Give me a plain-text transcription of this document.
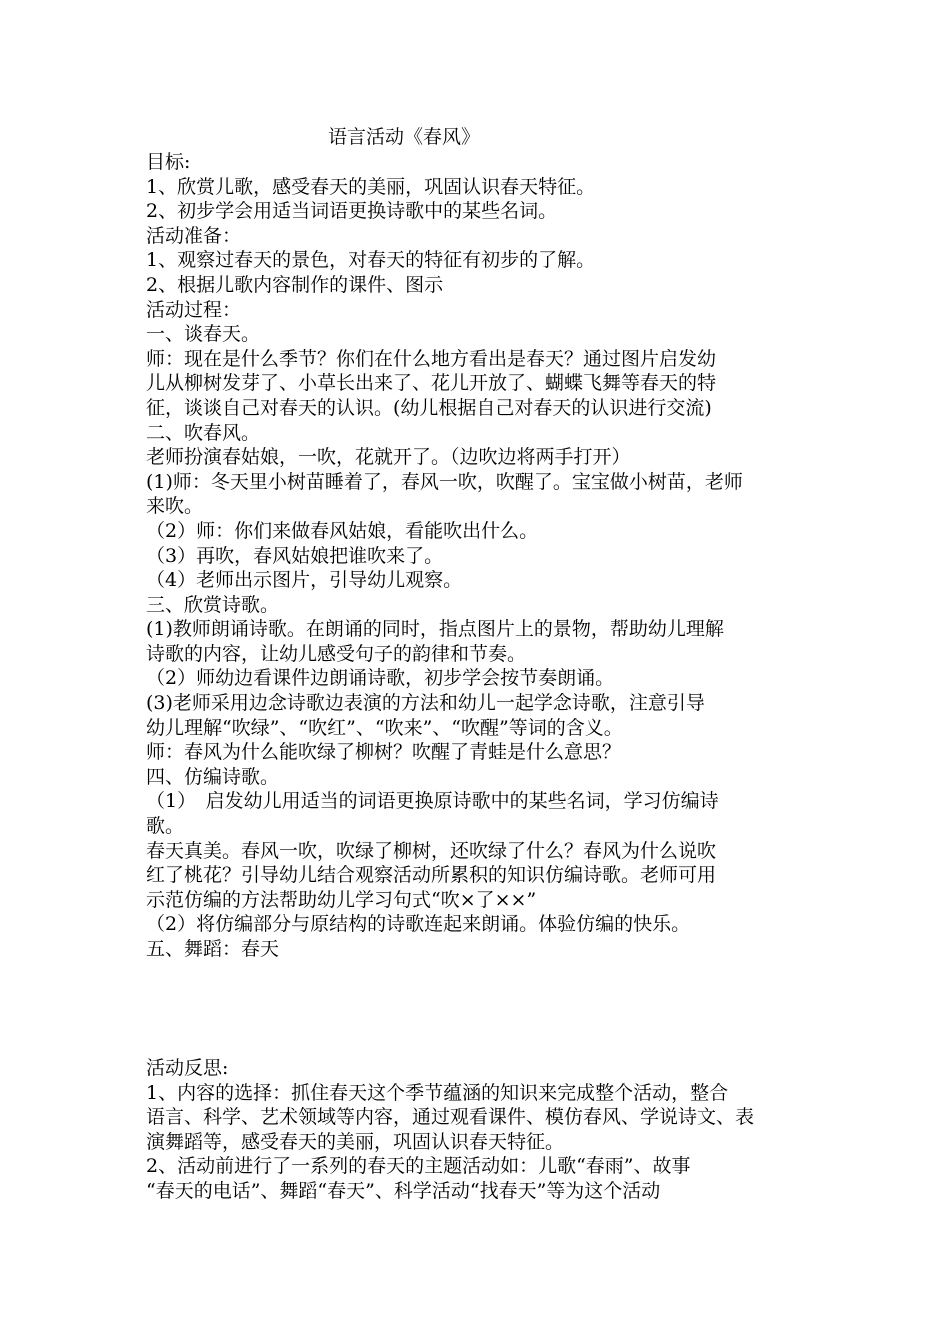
语言活动《春风》
目标:
1、欣赏儿歌，感受春天的美丽，巩固认识春天特征。
2、初步学会用适当词语更换诗歌中的某些名词。
活动准备：
1、观察过春天的景色，对春天的特征有初步的了解。
2、根据儿歌内容制作的课件、图示
活动过程：
一、谈春天。
师：现在是什么季节？你们在什么地方看出是春天？通过图片启发幼
儿从柳树发芽了、小草长出来了、花儿开放了、蝴蝶飞舞等春天的特
征，谈谈自己对春天的认识。(幼儿根据自己对春天的认识进行交流)
二、吹春风。
老师扮演春姑娘，一吹，花就开了。（边吹边将两手打开）
(1)师：冬天里小树苗睡着了，春风一吹，吹醒了。宝宝做小树苗，老师
来吹。
（2）师：你们来做春风姑娘，看能吹出什么。
（3）再吹，春风姑娘把谁吹来了。
（4）老师出示图片，引导幼儿观察。
三、欣赏诗歌。
(1)教师朗诵诗歌。在朗诵的同时，指点图片上的景物，帮助幼儿理解
诗歌的内容，让幼儿感受句子的韵律和节奏。
（2）师幼边看课件边朗诵诗歌，初步学会按节奏朗诵。
(3)老师采用边念诗歌边表演的方法和幼儿一起学念诗歌，注意引导
幼儿理解“吹绿”、“吹红”、“吹来”、“吹醒”等词的含义。
师：春风为什么能吹绿了柳树？吹醒了青蛙是什么意思？
四、仿编诗歌。
（1）　启发幼儿用适当的词语更换原诗歌中的某些名词，学习仿编诗
歌。
春天真美。春风一吹，吹绿了柳树，还吹绿了什么？春风为什么说吹
红了桃花？引导幼儿结合观察活动所累积的知识仿编诗歌。老师可用
示范仿编的方法帮助幼儿学习句式“吹×了××”
（2）将仿编部分与原结构的诗歌连起来朗诵。体验仿编的快乐。
五、舞蹈：春天
活动反思:
1、内容的选择：抓住春天这个季节蕴涵的知识来完成整个活动，整合
语言、科学、艺术领域等内容，通过观看课件、模仿春风、学说诗文、表
演舞蹈等，感受春天的美丽，巩固认识春天特征。
2、活动前进行了一系列的春天的主题活动如：儿歌“春雨”、故事
“春天的电话”、舞蹈“春天”、科学活动“找春天”等为这个活动
